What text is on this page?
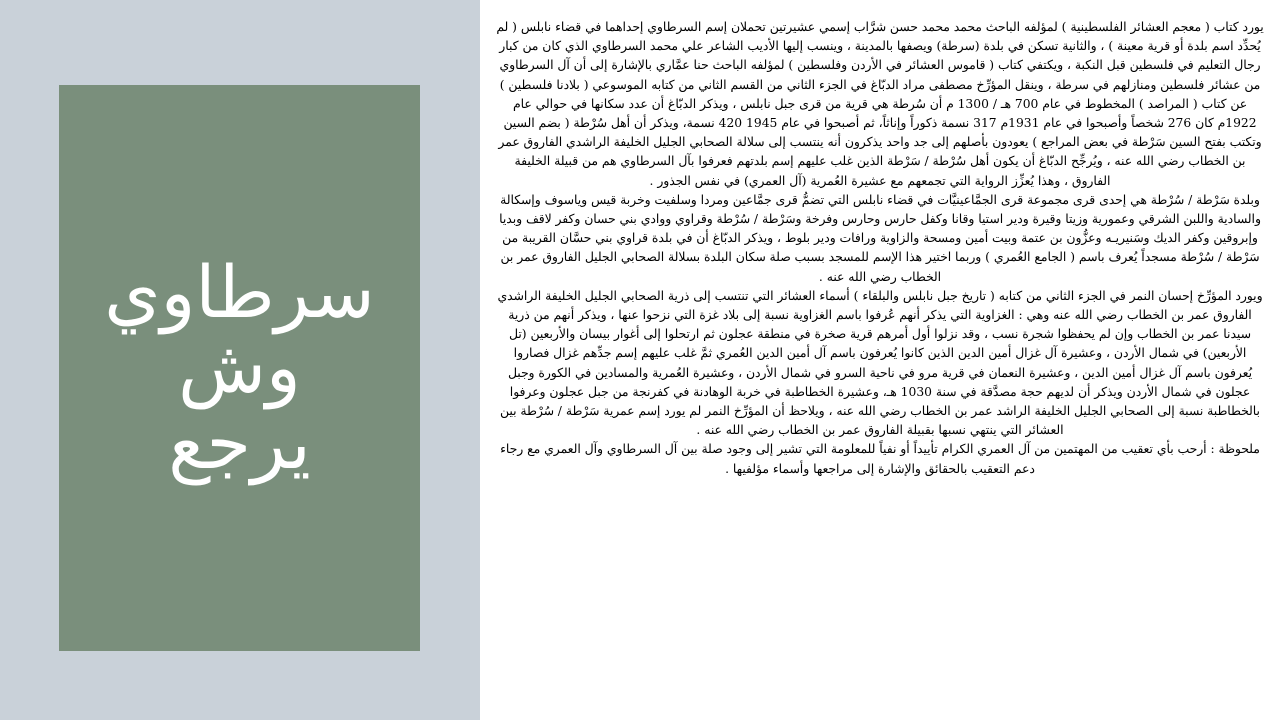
سرطاوي
وش
يرجع

يورد كتاب ( معجم العشائر الفلسطينية ) لمؤلفه الباحث محمد محمد حسن شرَّاب إسمي عشيرتين تحملان إسم السرطاوي إحداهما في قضاء نابلس ( لم يُحدِّد اسم بلدة أو قرية معينة ) ، والثانية تسكن في بلدة (سرطة) ويصفها بالمدينة ، وينسب إليها الأديب الشاعر علي محمد السرطاوي الذي كان من كبار رجال التعليم في فلسطين قبل النكبة ، ويكتفي كتاب ( قاموس العشائر في الأردن وفلسطين ) لمؤلفه الباحث حنا عمَّاري بالإشارة إلى أن آل السرطاوي من عشائر فلسطين ومنازلهم في سرطة ، وينقل المؤرِّخ مصطفى مراد الدبّاغ في الجزء الثاني من القسم الثاني من كتابه الموسوعي ( بلادنا فلسطين ) عن كتاب ( المراصد ) المخطوط في عام 700 هـ / 1300 م أن سُرطة هي قرية من قرى جبل نابلس ، ويذكر الدبّاغ أن عدد سكانها في حوالي عام 1922م كان 276 شخصاً وأصبحوا في عام 1931م 317 نسمة ذكوراً وإناثاً، ثم أصبحوا في عام 1945 420 نسمة، ويذكر أن أهل سُرْطة ( بضم السين وتكتب بفتح السين سَرْطة في بعض المراجع ) يعودون بأصلهم إلى جد واحد يذكرون أنه ينتسب إلى سلالة الصحابي الجليل الخليفة الراشدي الفاروق عمر بن الخطاب رضي الله عنه ، ويُرجِّح الدبّاغ أن يكون أهل سُرْطة / سَرْطة الذين غلب عليهم إسم بلدتهم فعرفوا بآل السرطاوي هم من قبيلة الخليفة الفاروق ، وهذا يُعزِّز الرواية التي تجمعهم مع عشيرة العُمرية (آل العمري) في نفس الجذور .

وبلدة سَرْطة / سُرْطة هي إحدى قرى مجموعة قرى الجمَّاعينيَّات في قضاء نابلس التي تضمُّ قرى جمَّاعين ومردا وسلفيت وخربة قيس وياسوف وإسكالة والسادية واللبن الشرقي وعمورية وزيتا وقيرة ودير استيا وقانا وكفل حارس وحارس وفرخة وسَرْطة / سُرْطة وقراوي ووادي بني حسان وكفر لاقف وبديا وإبروقين وكفر الديك وسَنيريـه وعزُّون بن عتمة وبيت أمين ومسحة والزاوية ورافات ودير بلوط ، ويذكر الدبّاغ أن في بلدة قراوي بني حسَّان القريبة من سَرْطة / سُرْطة مسجداً يُعرف باسم ( الجامع العُمري ) وربما اختير هذا الإسم للمسجد بسبب صلة سكان البلدة بسلالة الصحابي الجليل الفاروق عمر بن الخطاب رضي الله عنه .

ويورد المؤرِّخ إحسان النمر في الجزء الثاني من كتابه ( تاريخ جبل نابلس والبلقاء ) أسماء العشائر التي تنتسب إلى ذرية الصحابي الجليل الخليفة الراشدي الفاروق عمر بن الخطاب رضي الله عنه وهي : الغزاوية التي يذكر أنهم عُرفوا باسم الغزاوية نسبة إلى بلاد غزة التي نزحوا عنها ، ويذكر أنهم من ذرية سيدنا عمر بن الخطاب وإن لم يحفظوا شجرة نسب ، وقد نزلوا أول أمرهم قرية صخرة في منطقة عجلون ثم ارتحلوا إلى أغوار بيسان والأربعين (تل الأربعين) في شمال الأردن ، وعشيرة آل غزال أمين الدين الذين كانوا يُعرفون باسم آل أمين الدين العُمري ثمَّ غلب عليهم إسم جدِّهم غزال فصاروا يُعرفون باسم آل غزال أمين الدين ، وعشيرة النعمان في قرية مرو في ناحية السرو في شمال الأردن ، وعشيرة العُمرية والمسادين في الكورة وجبل عجلون في شمال الأردن ويذكر أن لديهم حجة مصدَّقة في سنة 1030 هـ، وعشيرة الخطاطبة في خربة الوهادنة في كفرنجة من جبل عجلون وعرفوا بالخطاطبة نسبة إلى الصحابي الجليل الخليفة الراشد عمر بن الخطاب رضي الله عنه ، ويلاحظ أن المؤرِّخ النمر لم يورد إسم عمرية سَرْطة / سُرْطة بين العشائر التي ينتهي نسبها بقبيلة الفاروق عمر بن الخطاب رضي الله عنه .

ملحوظة : أرحب بأي تعقيب من المهتمين من آل العمري الكرام تأييداً أو نفياً للمعلومة التي تشير إلى وجود صلة بين آل السرطاوي وآل العمري مع رجاء دعم التعقيب بالحقائق والإشارة إلى مراجعها وأسماء مؤلفيها .
